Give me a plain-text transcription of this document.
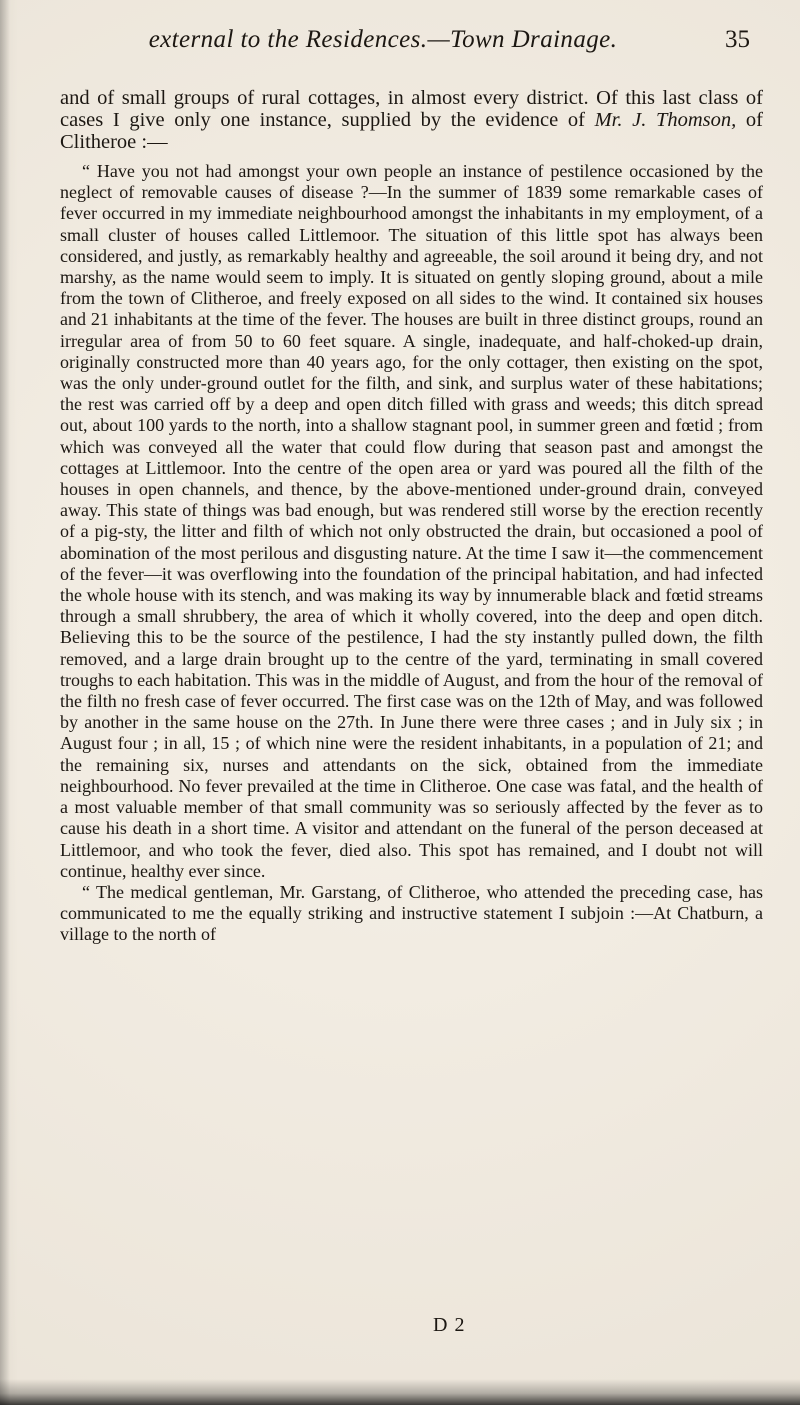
external to the Residences.—Town Drainage.	35

and of small groups of rural cottages, in almost every district. Of this last class of cases I give only one instance, supplied by the evidence of Mr. J. Thomson, of Clitheroe :—

“ Have you not had amongst your own people an instance of pestilence occasioned by the neglect of removable causes of disease ?—In the summer of 1839 some remarkable cases of fever occurred in my immediate neighbourhood amongst the inhabitants in my employment, of a small cluster of houses called Littlemoor. The situation of this little spot has always been considered, and justly, as remarkably healthy and agreeable, the soil around it being dry, and not marshy, as the name would seem to imply. It is situated on gently sloping ground, about a mile from the town of Clitheroe, and freely exposed on all sides to the wind. It contained six houses and 21 inhabitants at the time of the fever. The houses are built in three distinct groups, round an irregular area of from 50 to 60 feet square. A single, inadequate, and half-choked-up drain, originally constructed more than 40 years ago, for the only cottager, then existing on the spot, was the only under-ground outlet for the filth, and sink, and surplus water of these habitations; the rest was carried off by a deep and open ditch filled with grass and weeds; this ditch spread out, about 100 yards to the north, into a shallow stagnant pool, in summer green and fœtid ; from which was conveyed all the water that could flow during that season past and amongst the cottages at Littlemoor. Into the centre of the open area or yard was poured all the filth of the houses in open channels, and thence, by the above-mentioned under-ground drain, conveyed away. This state of things was bad enough, but was rendered still worse by the erection recently of a pig-sty, the litter and filth of which not only obstructed the drain, but occasioned a pool of abomination of the most perilous and disgusting nature. At the time I saw it—the commencement of the fever—it was overflowing into the foundation of the principal habitation, and had infected the whole house with its stench, and was making its way by innumerable black and fœtid streams through a small shrubbery, the area of which it wholly covered, into the deep and open ditch. Believing this to be the source of the pestilence, I had the sty instantly pulled down, the filth removed, and a large drain brought up to the centre of the yard, terminating in small covered troughs to each habitation. This was in the middle of August, and from the hour of the removal of the filth no fresh case of fever occurred. The first case was on the 12th of May, and was followed by another in the same house on the 27th. In June there were three cases ; and in July six ; in August four ; in all, 15 ; of which nine were the resident inhabitants, in a population of 21; and the remaining six, nurses and attendants on the sick, obtained from the immediate neighbourhood. No fever prevailed at the time in Clitheroe. One case was fatal, and the health of a most valuable member of that small community was so seriously affected by the fever as to cause his death in a short time. A visitor and attendant on the funeral of the person deceased at Littlemoor, and who took the fever, died also. This spot has remained, and I doubt not will continue, healthy ever since.

“ The medical gentleman, Mr. Garstang, of Clitheroe, who attended the preceding case, has communicated to me the equally striking and instructive statement I subjoin :—At Chatburn, a village to the north of

D 2
